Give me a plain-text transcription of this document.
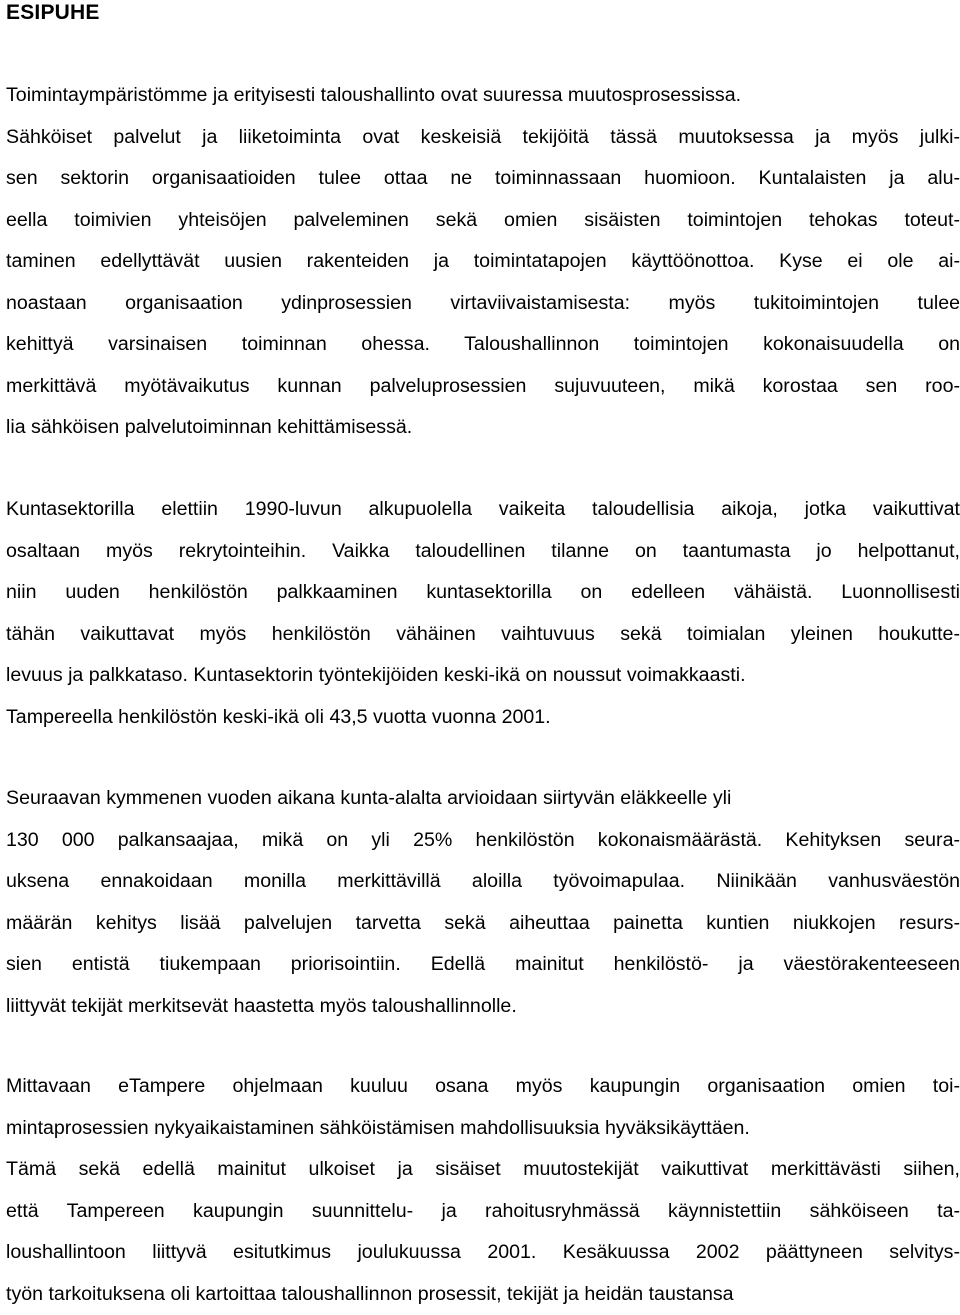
ESIPUHE
Toimintaympäristömme ja erityisesti taloushallinto ovat suuressa muutosprosessissa.
Sähköiset palvelut ja liiketoiminta ovat keskeisiä tekijöitä tässä muutoksessa ja myös julki-
sen sektorin organisaatioiden tulee ottaa ne toiminnassaan huomioon. Kuntalaisten ja alu-
eella toimivien yhteisöjen palveleminen sekä omien sisäisten toimintojen tehokas toteut-
taminen edellyttävät uusien rakenteiden ja toimintatapojen käyttöönottoa. Kyse ei ole ai-
noastaan organisaation ydinprosessien virtaviivaistamisesta: myös tukitoimintojen tulee
kehittyä varsinaisen toiminnan ohessa. Taloushallinnon toimintojen kokonaisuudella on
merkittävä myötävaikutus kunnan palveluprosessien sujuvuuteen, mikä korostaa sen roo-
lia sähköisen palvelutoiminnan kehittämisessä.
Kuntasektorilla elettiin 1990-luvun alkupuolella vaikeita taloudellisia aikoja, jotka vaikuttivat
osaltaan myös rekrytointeihin. Vaikka taloudellinen tilanne on taantumasta jo helpottanut,
niin uuden henkilöstön palkkaaminen kuntasektorilla on edelleen vähäistä. Luonnollisesti
tähän vaikuttavat myös henkilöstön vähäinen vaihtuvuus sekä toimialan yleinen houkutte-
levuus ja palkkataso. Kuntasektorin työntekijöiden keski-ikä on noussut voimakkaasti.
Tampereella henkilöstön keski-ikä oli 43,5 vuotta vuonna 2001.
Seuraavan kymmenen vuoden aikana kunta-alalta arvioidaan siirtyvän eläkkeelle yli
130 000 palkansaajaa, mikä on yli 25% henkilöstön kokonaismäärästä. Kehityksen seura-
uksena ennakoidaan monilla merkittävillä aloilla työvoimapulaa. Niinikään vanhusväestön
määrän kehitys lisää palvelujen tarvetta sekä aiheuttaa painetta kuntien niukkojen resurs-
sien entistä tiukempaan priorisointiin. Edellä mainitut henkilöstö- ja väestörakenteeseen
liittyvät tekijät merkitsevät haastetta myös taloushallinnolle.
Mittavaan eTampere ohjelmaan kuuluu osana myös kaupungin organisaation omien toi-
mintaprosessien nykyaikaistaminen sähköistämisen mahdollisuuksia hyväksikäyttäen.
Tämä sekä edellä mainitut ulkoiset ja sisäiset muutostekijät vaikuttivat merkittävästi siihen,
että Tampereen kaupungin suunnittelu- ja rahoitusryhmässä käynnistettiin sähköiseen ta-
loushallintoon liittyvä esitutkimus joulukuussa 2001. Kesäkuussa 2002 päättyneen selvitys-
työn tarkoituksena oli kartoittaa taloushallinnon prosessit, tekijät ja heidän taustansa
